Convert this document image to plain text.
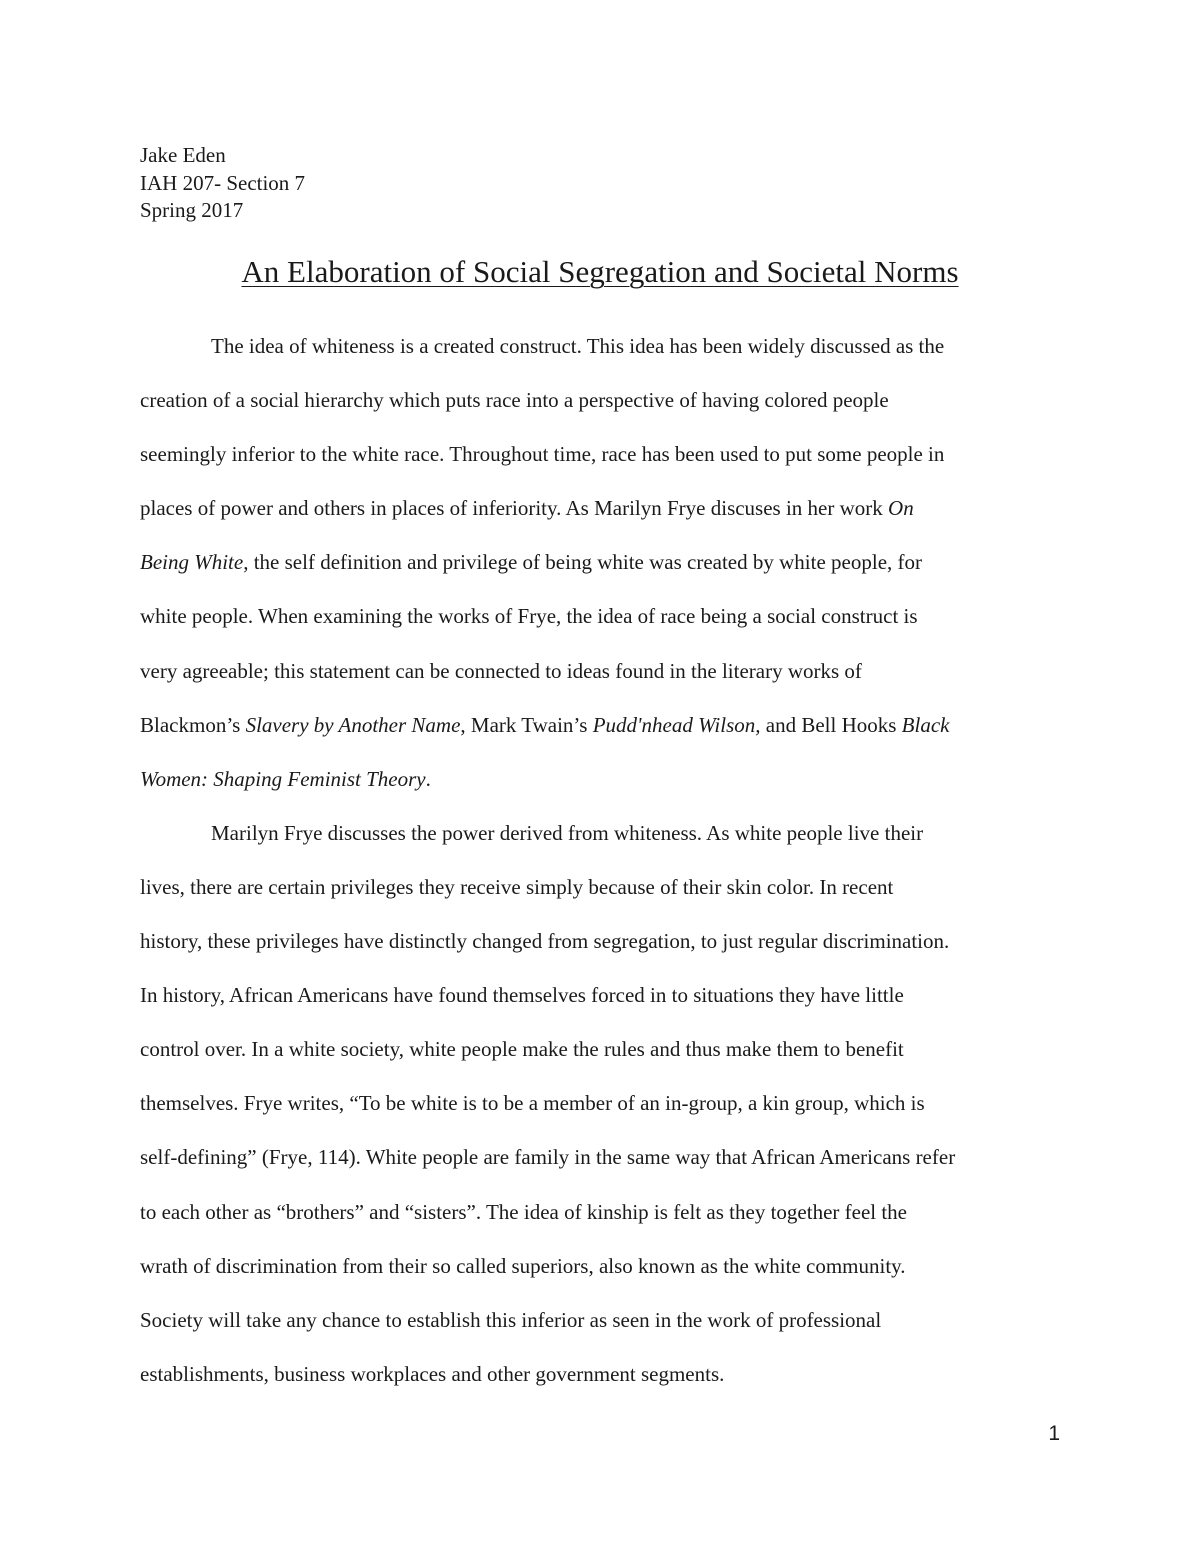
Jake Eden
IAH 207- Section 7
Spring 2017
An Elaboration of Social Segregation and Societal Norms
The idea of whiteness is a created construct. This idea has been widely discussed as the
creation of a social hierarchy which puts race into a perspective of having colored people
seemingly inferior to the white race. Throughout time, race has been used to put some people in
places of power and others in places of inferiority. As Marilyn Frye discuses in her work On
Being White, the self definition and privilege of being white was created by white people, for
white people. When examining the works of Frye, the idea of race being a social construct is
very agreeable; this statement can be connected to ideas found in the literary works of
Blackmon’s Slavery by Another Name, Mark Twain’s Pudd'nhead Wilson, and Bell Hooks Black
Women: Shaping Feminist Theory.
Marilyn Frye discusses the power derived from whiteness. As white people live their
lives, there are certain privileges they receive simply because of their skin color. In recent
history, these privileges have distinctly changed from segregation, to just regular discrimination.
In history, African Americans have found themselves forced in to situations they have little
control over. In a white society, white people make the rules and thus make them to benefit
themselves. Frye writes, “To be white is to be a member of an in-group, a kin group, which is
self-defining” (Frye, 114). White people are family in the same way that African Americans refer
to each other as “brothers” and “sisters”. The idea of kinship is felt as they together feel the
wrath of discrimination from their so called superiors, also known as the white community.
Society will take any chance to establish this inferior as seen in the work of professional
establishments, business workplaces and other government segments.
1
